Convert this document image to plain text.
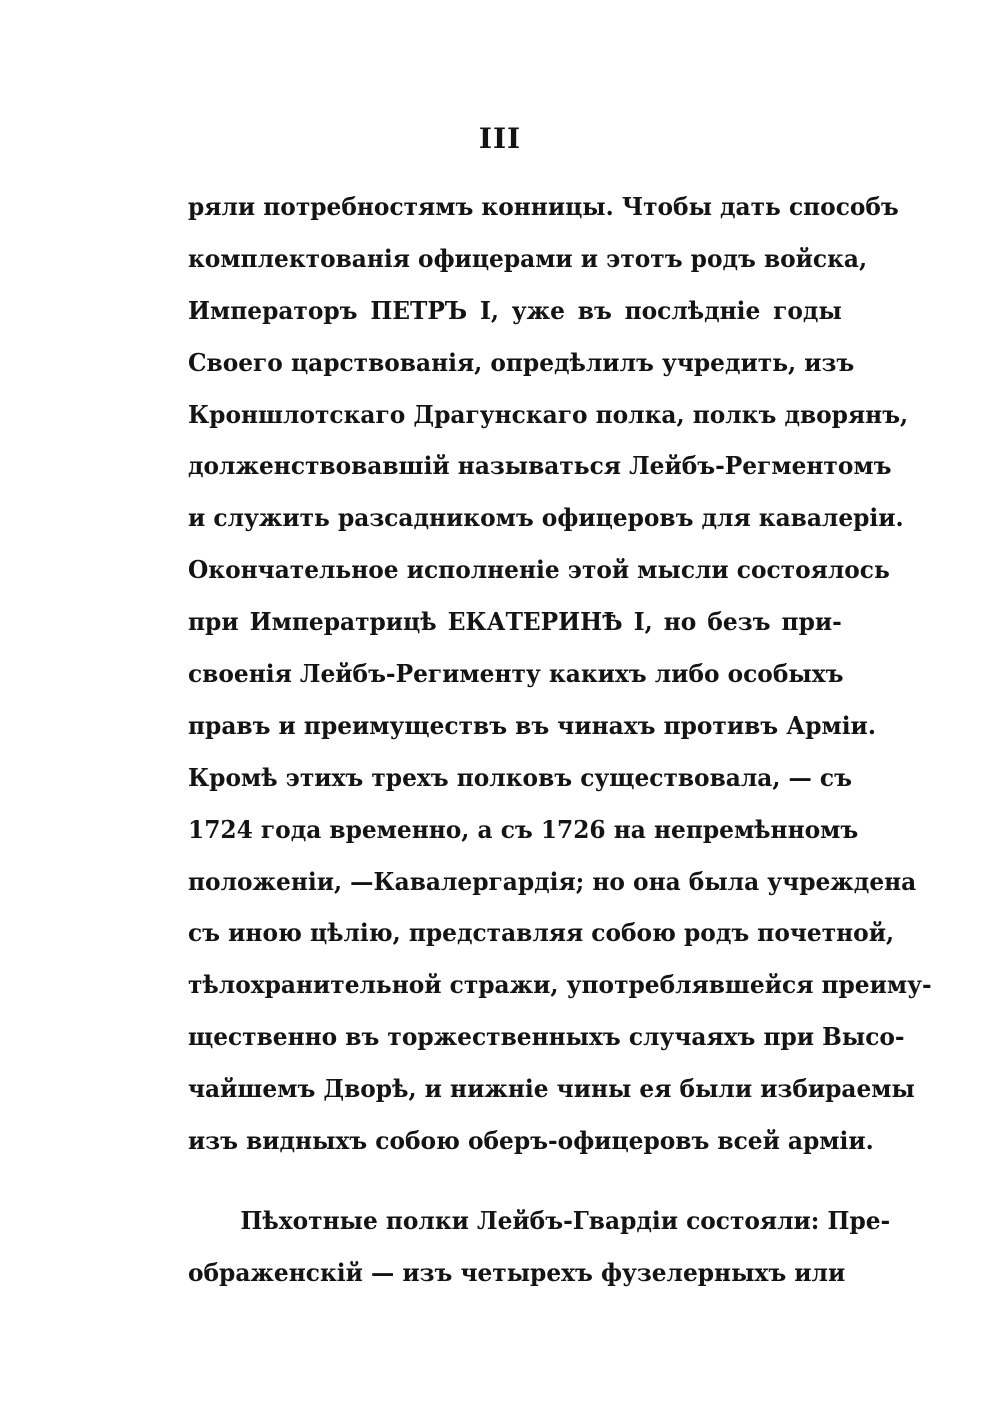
III
ряли потребностямъ конницы. Чтобы дать способъ
комплектованія офицерами и этотъ родъ войска,
Императоръ ПЕТРЪ I, уже въ послѣдніе годы
Своего царствованія, опредѣлилъ учредить, изъ
Кроншлотскаго Драгунскаго полка, полкъ дворянъ,
долженствовавшій называться Лейбъ-Регментомъ
и служить разсадникомъ офицеровъ для кавалеріи.
Окончательное исполненіе этой мысли состоялось
при Императрицѣ ЕКАТЕРИНѢ I, но безъ при-
своенія Лейбъ-Регименту какихъ либо особыхъ
правъ и преимуществъ въ чинахъ противъ Арміи.
Кромѣ этихъ трехъ полковъ существовала, — съ
1724 года временно, а съ 1726 на непремѣнномъ
положеніи, —Кавалергардія; но она была учреждена
съ иною цѣлію, представляя собою родъ почетной,
тѣлохранительной стражи, употреблявшейся преиму-
щественно въ торжественныхъ случаяхъ при Высо-
чайшемъ Дворѣ, и нижніе чины ея были избираемы
изъ видныхъ собою оберъ-офицеровъ всей арміи.
Пѣхотные полки Лейбъ-Гвардіи состояли: Пре-
ображенскій — изъ четырехъ фузелерныхъ или
